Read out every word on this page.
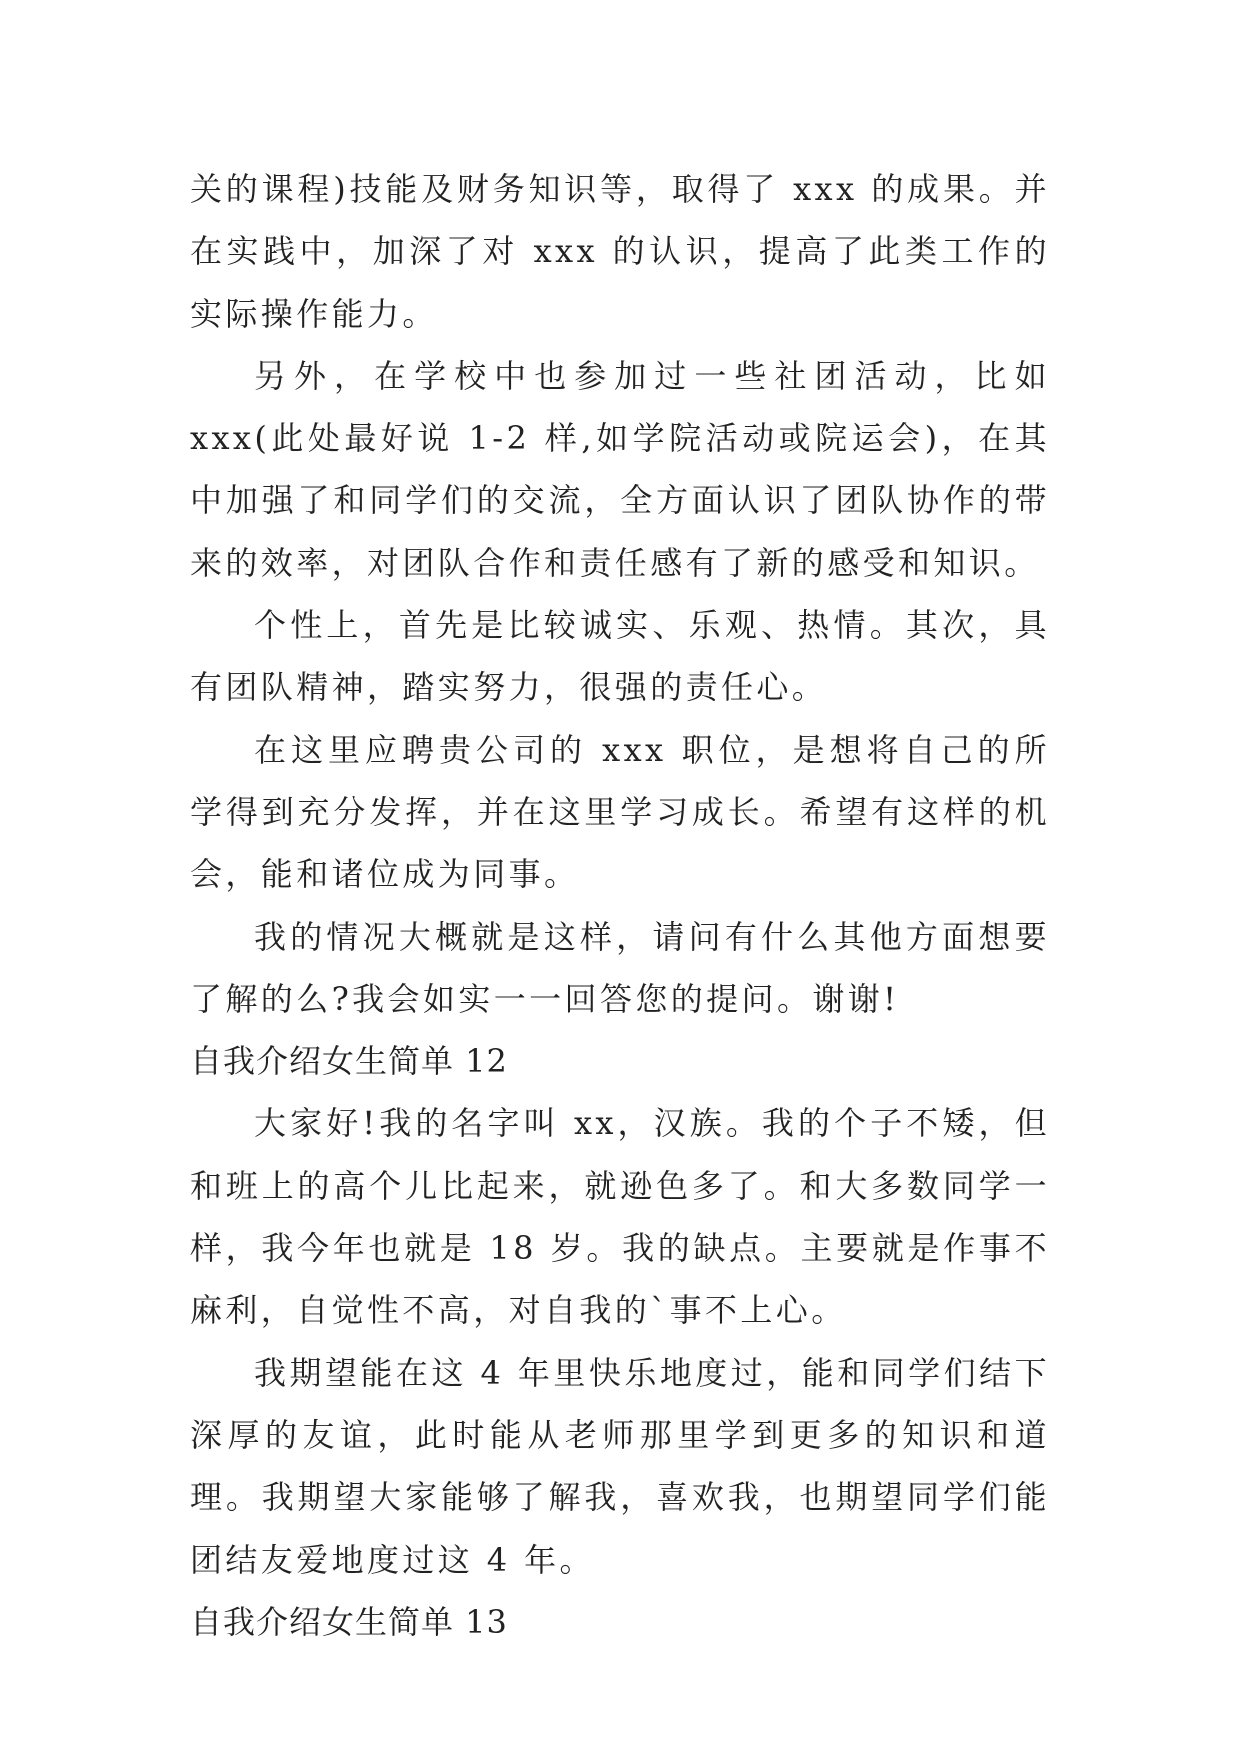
关的课程)技能及财务知识等，取得了 xxx 的成果。并在实践中，加深了对 xxx 的认识，提高了此类工作的实际操作能力。

另外，在学校中也参加过一些社团活动，比如 xxx(此处最好说 1-2 样,如学院活动或院运会)，在其中加强了和同学们的交流，全方面认识了团队协作的带来的效率，对团队合作和责任感有了新的感受和知识。

个性上，首先是比较诚实、乐观、热情。其次，具有团队精神，踏实努力，很强的责任心。

在这里应聘贵公司的 xxx 职位，是想将自己的所学得到充分发挥，并在这里学习成长。希望有这样的机会，能和诸位成为同事。

我的情况大概就是这样，请问有什么其他方面想要了解的么?我会如实一一回答您的提问。谢谢!

自我介绍女生简单 12

大家好!我的名字叫 xx，汉族。我的个子不矮，但和班上的高个儿比起来，就逊色多了。和大多数同学一样，我今年也就是 18 岁。我的缺点。主要就是作事不麻利，自觉性不高，对自我的`事不上心。

我期望能在这 4 年里快乐地度过，能和同学们结下深厚的友谊，此时能从老师那里学到更多的知识和道理。我期望大家能够了解我，喜欢我，也期望同学们能团结友爱地度过这 4 年。

自我介绍女生简单 13
